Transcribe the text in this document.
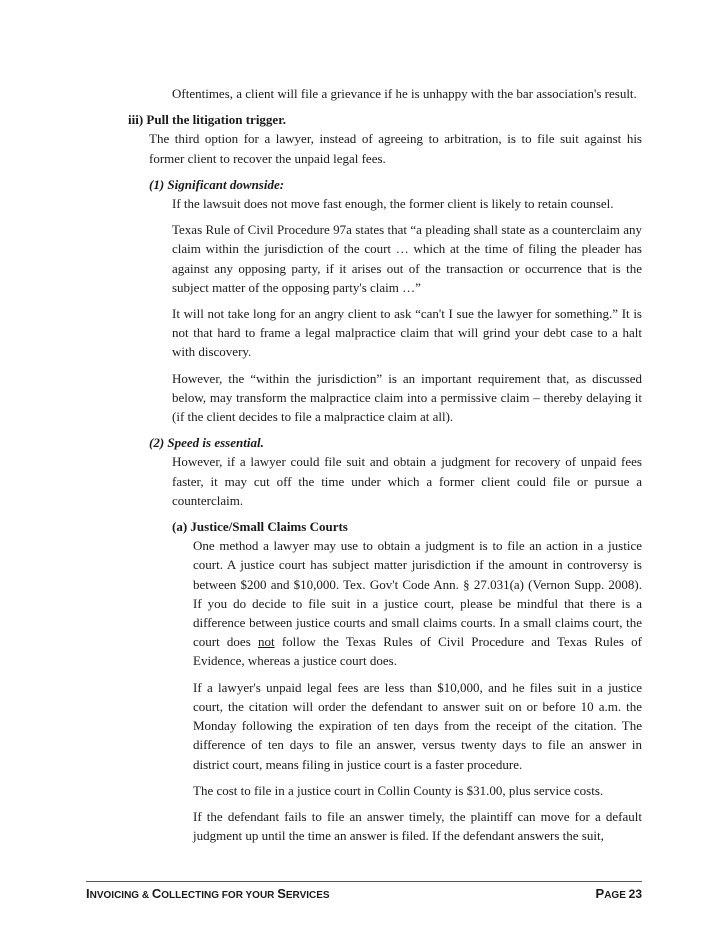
Oftentimes, a client will file a grievance if he is unhappy with the bar association's result.

iii) Pull the litigation trigger.

The third option for a lawyer, instead of agreeing to arbitration, is to file suit against his former client to recover the unpaid legal fees.

(1) Significant downside:

If the lawsuit does not move fast enough, the former client is likely to retain counsel.

Texas Rule of Civil Procedure 97a states that “a pleading shall state as a counterclaim any claim within the jurisdiction of the court … which at the time of filing the pleader has against any opposing party, if it arises out of the transaction or occurrence that is the subject matter of the opposing party's claim …”

It will not take long for an angry client to ask “can't I sue the lawyer for something.” It is not that hard to frame a legal malpractice claim that will grind your debt case to a halt with discovery.

However, the “within the jurisdiction” is an important requirement that, as discussed below, may transform the malpractice claim into a permissive claim – thereby delaying it (if the client decides to file a malpractice claim at all).

(2) Speed is essential.

However, if a lawyer could file suit and obtain a judgment for recovery of unpaid fees faster, it may cut off the time under which a former client could file or pursue a counterclaim.

(a) Justice/Small Claims Courts

One method a lawyer may use to obtain a judgment is to file an action in a justice court. A justice court has subject matter jurisdiction if the amount in controversy is between $200 and $10,000. Tex. Gov't Code Ann. § 27.031(a) (Vernon Supp. 2008). If you do decide to file suit in a justice court, please be mindful that there is a difference between justice courts and small claims courts. In a small claims court, the court does not follow the Texas Rules of Civil Procedure and Texas Rules of Evidence, whereas a justice court does.

If a lawyer's unpaid legal fees are less than $10,000, and he files suit in a justice court, the citation will order the defendant to answer suit on or before 10 a.m. the Monday following the expiration of ten days from the receipt of the citation. The difference of ten days to file an answer, versus twenty days to file an answer in district court, means filing in justice court is a faster procedure.

The cost to file in a justice court in Collin County is $31.00, plus service costs.

If the defendant fails to file an answer timely, the plaintiff can move for a default judgment up until the time an answer is filed. If the defendant answers the suit,

INVOICING & COLLECTING FOR YOUR SERVICES	PAGE 23
